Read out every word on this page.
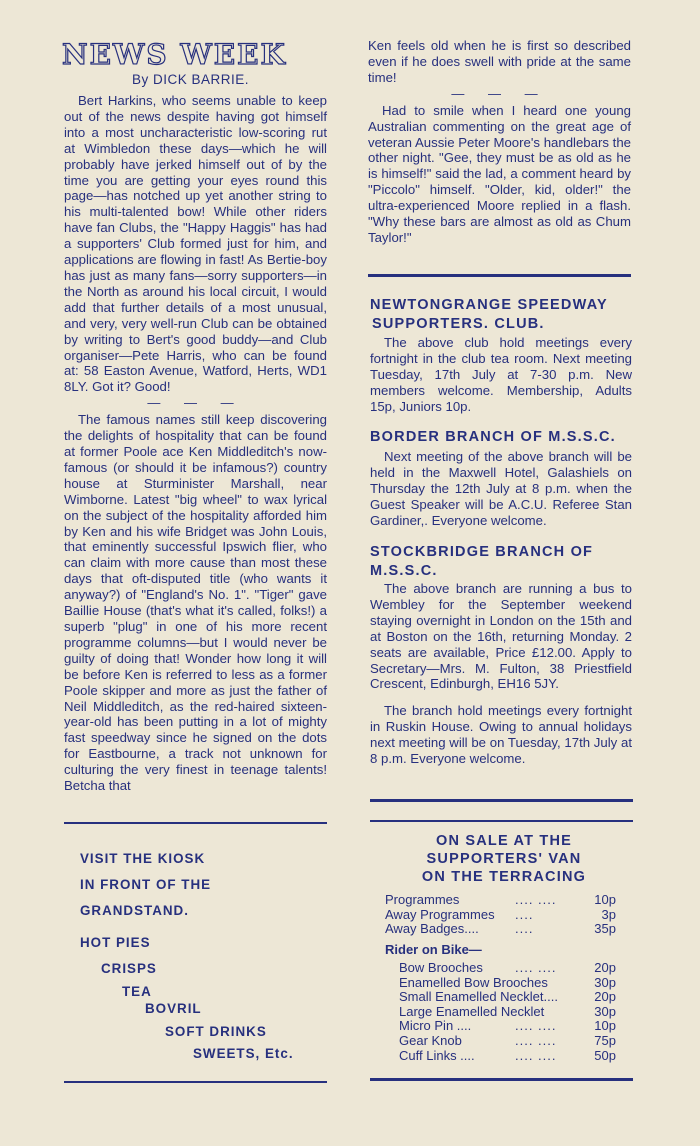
NEWS WEEK
By DICK BARRIE.

Bert Harkins, who seems unable to keep out of the news despite having got himself into a most uncharacteristic low-scoring rut at Wimbledon these days—which he will probably have jerked himself out of by the time you are getting your eyes round this page—has notched up yet another string to his multi-talented bow! While other riders have fan Clubs, the "Happy Haggis" has had a supporters' Club formed just for him, and applications are flowing in fast! As Bertie-boy has just as many fans—sorry supporters—in the North as around his local circuit, I would add that further details of a most unusual, and very, very well-run Club can be obtained by writing to Bert's good buddy—and Club organiser—Pete Harris, who can be found at: 58 Easton Avenue, Watford, Herts, WD1 8LY. Got it? Good!

— — —

The famous names still keep discovering the delights of hospitality that can be found at former Poole ace Ken Middleditch's now-famous (or should it be infamous?) country house at Sturminister Marshall, near Wimborne. Latest "big wheel" to wax lyrical on the subject of the hospitality afforded him by Ken and his wife Bridget was John Louis, that eminently successful Ipswich flier, who can claim with more cause than most these days that oft-disputed title (who wants it anyway?) of "England's No. 1". "Tiger" gave Baillie House (that's what it's called, folks!) a superb "plug" in one of his more recent programme columns—but I would never be guilty of doing that! Wonder how long it will be before Ken is referred to less as a former Poole skipper and more as just the father of Neil Middleditch, as the red-haired sixteen-year-old has been putting in a lot of mighty fast speedway since he signed on the dots for Eastbourne, a track not unknown for culturing the very finest in teenage talents! Betcha that

Ken feels old when he is first so described even if he does swell with pride at the same time!

— — —

Had to smile when I heard one young Australian commenting on the great age of veteran Aussie Peter Moore's handlebars the other night. "Gee, they must be as old as he is himself!" said the lad, a comment heard by "Piccolo" himself. "Older, kid, older!" the ultra-experienced Moore replied in a flash. "Why these bars are almost as old as Chum Taylor!"

NEWTONGRANGE SPEEDWAY
SUPPORTERS. CLUB.

The above club hold meetings every fortnight in the club tea room. Next meeting Tuesday, 17th July at 7-30 p.m. New members welcome. Membership, Adults 15p, Juniors 10p.

BORDER BRANCH OF M.S.S.C.

Next meeting of the above branch will be held in the Maxwell Hotel, Galashiels on Thursday the 12th July at 8 p.m. when the Guest Speaker will be A.C.U. Referee Stan Gardiner,. Everyone welcome.

STOCKBRIDGE BRANCH OF
M.S.S.C.

The above branch are running a bus to Wembley for the September weekend staying overnight in London on the 15th and at Boston on the 16th, returning Monday. 2 seats are available, Price £12.00. Apply to Secretary—Mrs. M. Fulton, 38 Priestfield Crescent, Edinburgh, EH16 5JY.

The branch hold meetings every fortnight in Ruskin House. Owing to annual holidays next meeting will be on Tuesday, 17th July at 8 p.m. Everyone welcome.

VISIT THE KIOSK
IN FRONT OF THE
GRANDSTAND.
HOT PIES
CRISPS
TEA
BOVRIL
SOFT DRINKS
SWEETS, Etc.
ON SALE AT THE
SUPPORTERS' VAN
ON THE TERRACING
Programmes	.... ....	10p
Away Programmes ....	3p
Away Badges....	....	35p
Rider on Bike—
Bow Brooches .... ....	20p
Enamelled Bow Brooches	30p
Small Enamelled Necklet....	20p
Large Enamelled Necklet	30p
Micro Pin ....	.... ....	10p
Gear Knob	.... ....	75p
Cuff Links ....	.... ....	50p
